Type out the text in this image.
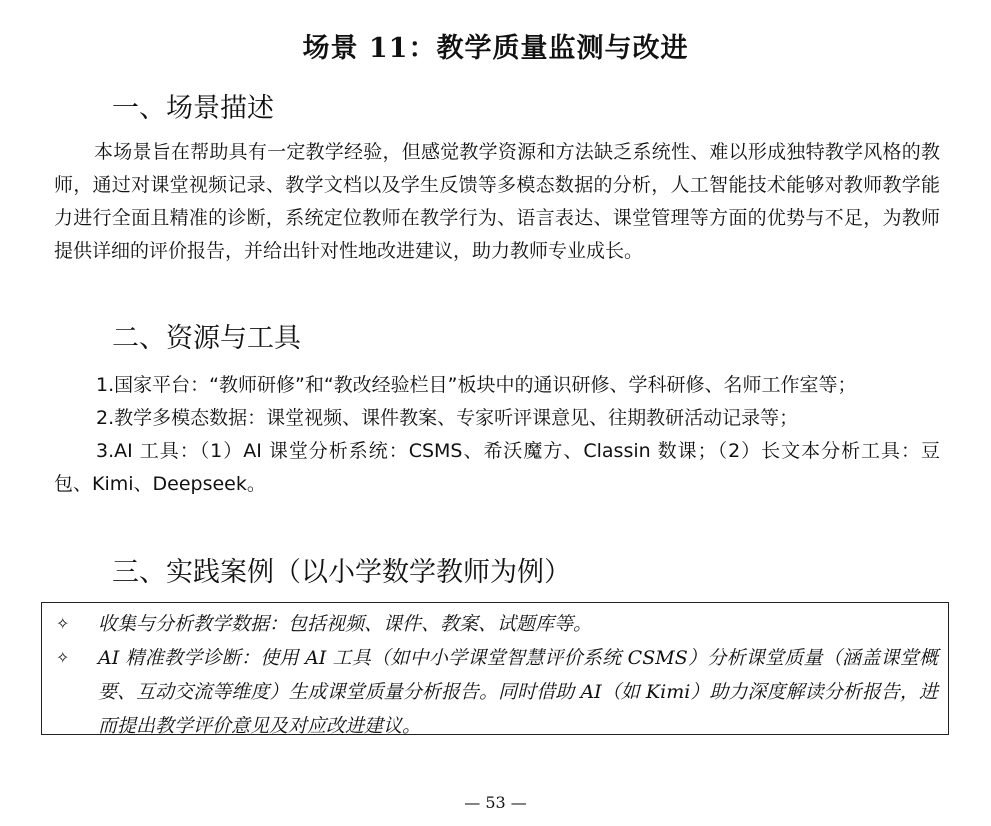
场景 11：教学质量监测与改进
一、场景描述

本场景旨在帮助具有一定教学经验，但感觉教学资源和方法缺乏系统性、难以形成独特教学风格的教师，通过对课堂视频记录、教学文档以及学生反馈等多模态数据的分析，人工智能技术能够对教师教学能力进行全面且精准的诊断，系统定位教师在教学行为、语言表达、课堂管理等方面的优势与不足，为教师提供详细的评价报告，并给出针对性地改进建议，助力教师专业成长。

二、资源与工具

1.国家平台：“教师研修”和“教改经验栏目”板块中的通识研修、学科研修、名师工作室等；

2.教学多模态数据：课堂视频、课件教案、专家听评课意见、往期教研活动记录等；

3.AI 工具：（1）AI 课堂分析系统：CSMS、希沃魔方、Classin 数课；（2）长文本分析工具：豆包、Kimi、Deepseek。

三、实践案例（以小学数学教师为例）

✧ 收集与分析教学数据：包括视频、课件、教案、试题库等。

✧ AI 精准教学诊断：使用 AI 工具（如中小学课堂智慧评价系统 CSMS）分析课堂质量（涵盖课堂概要、互动交流等维度）生成课堂质量分析报告。同时借助 AI（如 Kimi）助力深度解读分析报告，进而提出教学评价意见及对应改进建议。

— 53 —
